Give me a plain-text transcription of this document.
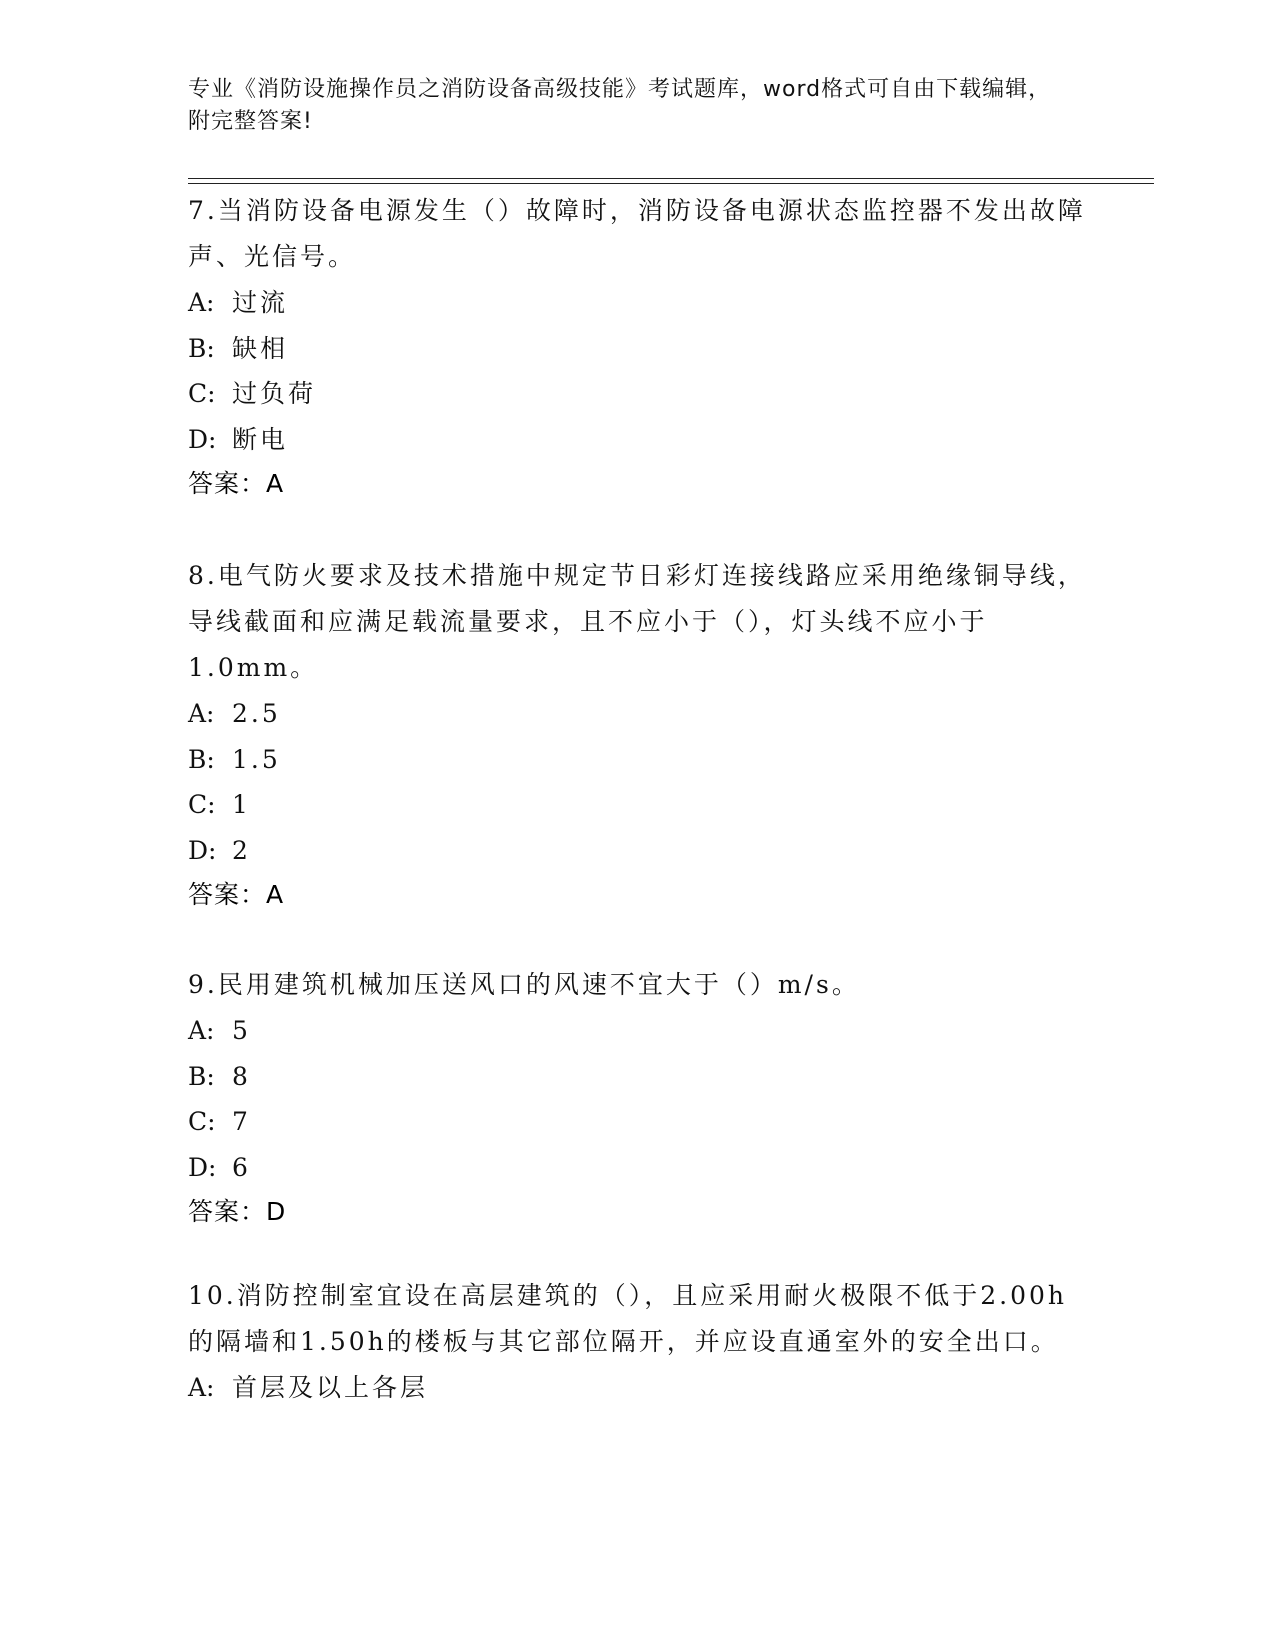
专业《消防设施操作员之消防设备高级技能》考试题库，word格式可自由下载编辑，附完整答案!
7.当消防设备电源发生（）故障时，消防设备电源状态监控器不发出故障声、光信号。
A: 过流
B: 缺相
C: 过负荷
D: 断电
答案：A
8.电气防火要求及技术措施中规定节日彩灯连接线路应采用绝缘铜导线，导线截面和应满足载流量要求，且不应小于（），灯头线不应小于1.0mm。
A: 2.5
B: 1.5
C: 1
D: 2
答案：A
9.民用建筑机械加压送风口的风速不宜大于（）m/s。
A: 5
B: 8
C: 7
D: 6
答案：D
10.消防控制室宜设在高层建筑的（），且应采用耐火极限不低于2.00h的隔墙和1.50h的楼板与其它部位隔开，并应设直通室外的安全出口。
A: 首层及以上各层
